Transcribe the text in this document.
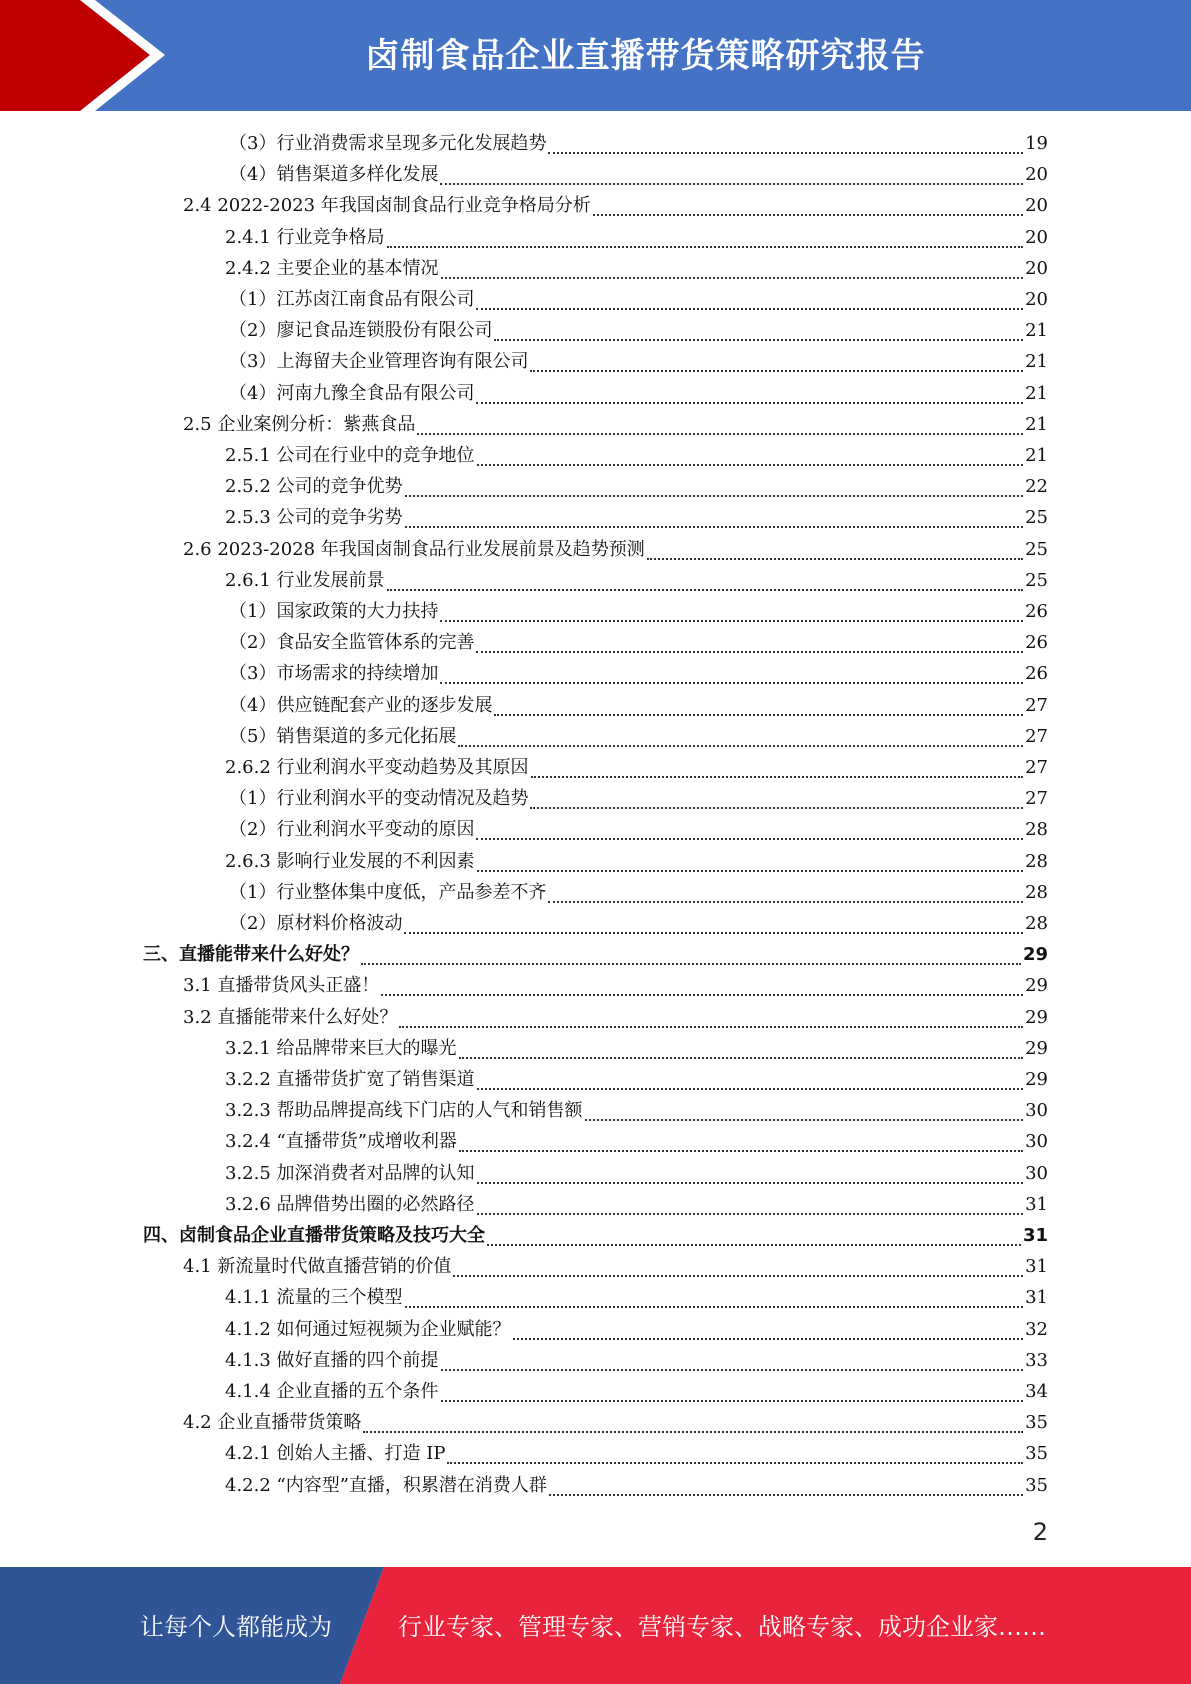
卤制食品企业直播带货策略研究报告
（3）行业消费需求呈现多元化发展趋势	19
（4）销售渠道多样化发展	20
2.4 2022-2023 年我国卤制食品行业竞争格局分析	20
2.4.1 行业竞争格局	20
2.4.2 主要企业的基本情况	20
（1）江苏卤江南食品有限公司	20
（2）廖记食品连锁股份有限公司	21
（3）上海留夫企业管理咨询有限公司	21
（4）河南九豫全食品有限公司	21
2.5 企业案例分析：紫燕食品	21
2.5.1 公司在行业中的竞争地位	21
2.5.2 公司的竞争优势	22
2.5.3 公司的竞争劣势	25
2.6 2023-2028 年我国卤制食品行业发展前景及趋势预测	25
2.6.1 行业发展前景	25
（1）国家政策的大力扶持	26
（2）食品安全监管体系的完善	26
（3）市场需求的持续增加	26
（4）供应链配套产业的逐步发展	27
（5）销售渠道的多元化拓展	27
2.6.2 行业利润水平变动趋势及其原因	27
（1）行业利润水平的变动情况及趋势	27
（2）行业利润水平变动的原因	28
2.6.3 影响行业发展的不利因素	28
（1）行业整体集中度低，产品参差不齐	28
（2）原材料价格波动	28
三、直播能带来什么好处？	29
3.1 直播带货风头正盛！	29
3.2 直播能带来什么好处？	29
3.2.1 给品牌带来巨大的曝光	29
3.2.2 直播带货扩宽了销售渠道	29
3.2.3 帮助品牌提高线下门店的人气和销售额	30
3.2.4 “直播带货”成增收利器	30
3.2.5 加深消费者对品牌的认知	30
3.2.6 品牌借势出圈的必然路径	31
四、卤制食品企业直播带货策略及技巧大全	31
4.1 新流量时代做直播营销的价值	31
4.1.1 流量的三个模型	31
4.1.2 如何通过短视频为企业赋能？	32
4.1.3 做好直播的四个前提	33
4.1.4 企业直播的五个条件	34
4.2 企业直播带货策略	35
4.2.1 创始人主播、打造 IP	35
4.2.2 “内容型”直播，积累潜在消费人群	35
2
让每个人都能成为	行业专家、管理专家、营销专家、战略专家、成功企业家……
